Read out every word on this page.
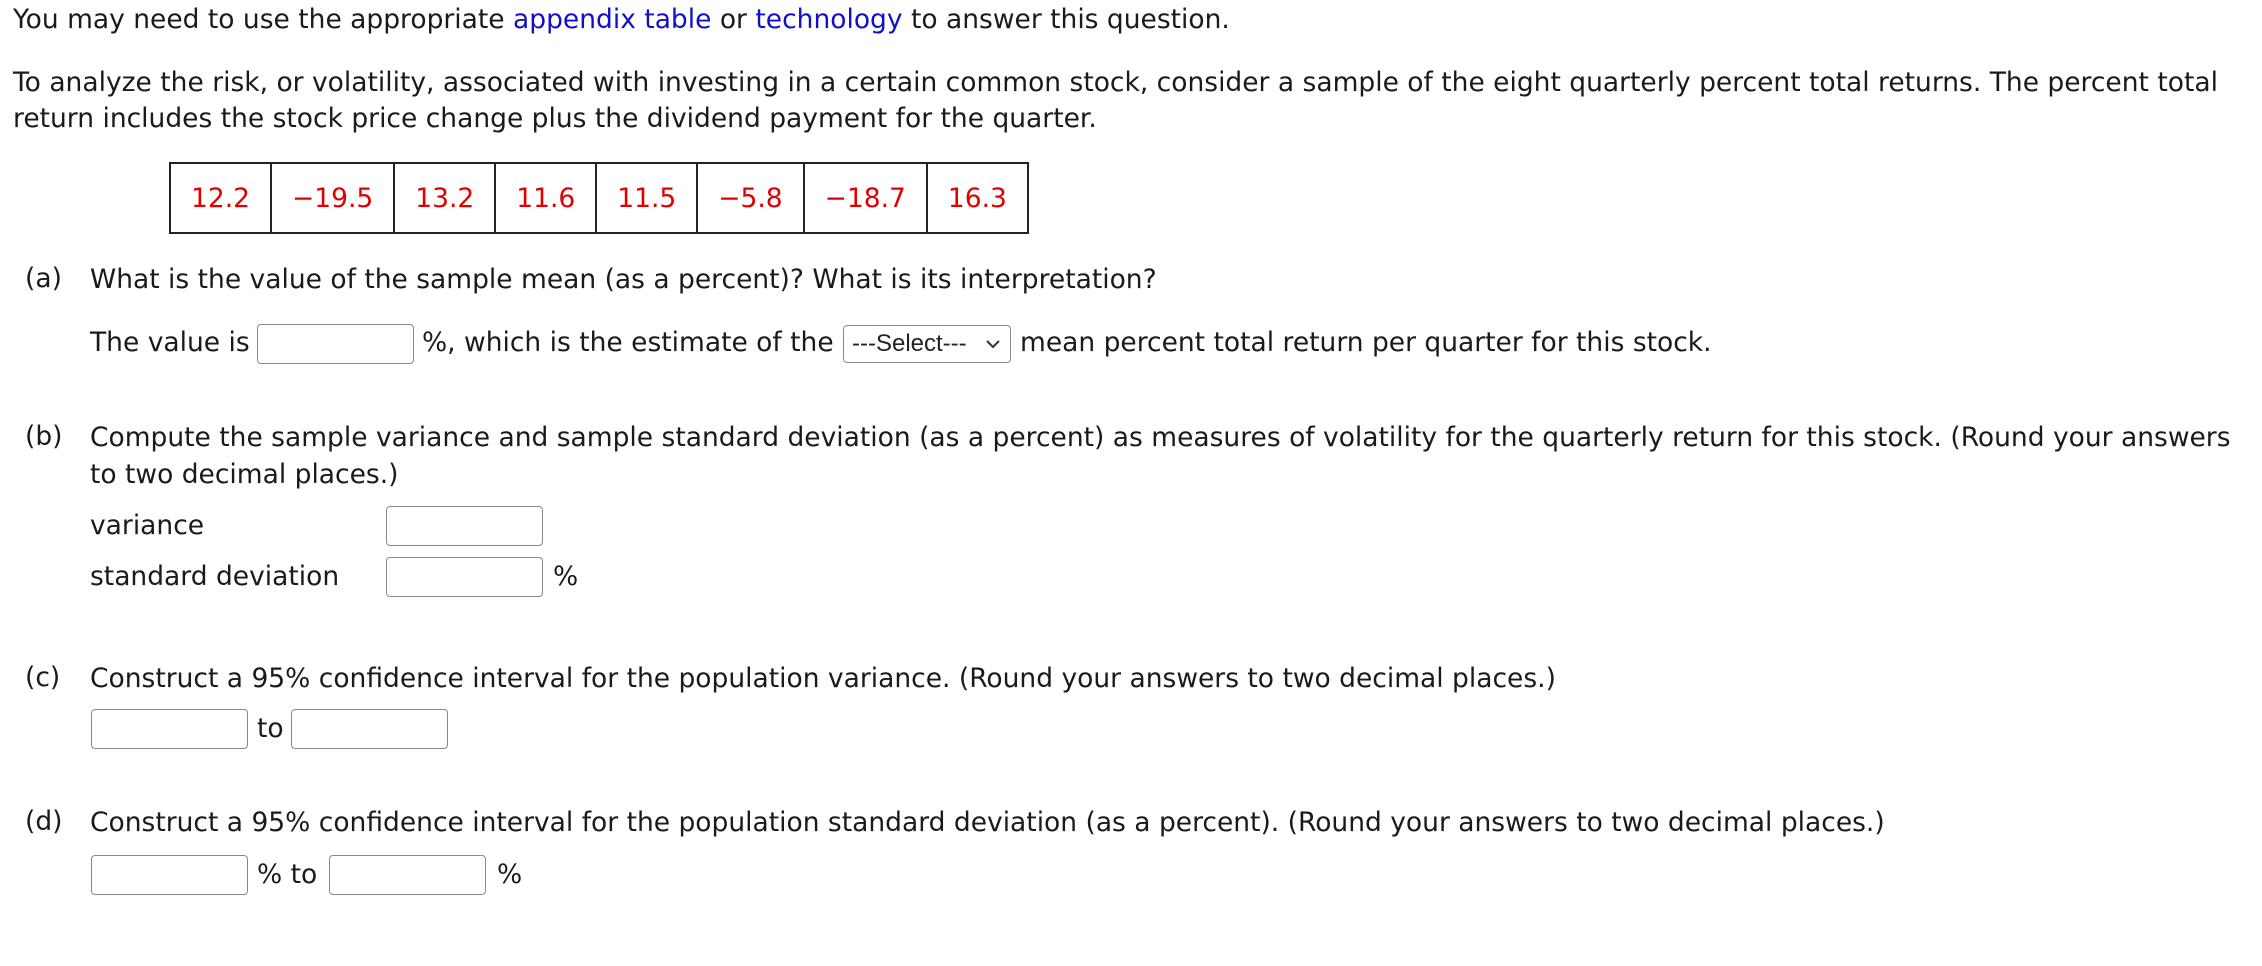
You may need to use the appropriate appendix table or technology to answer this question.
To analyze the risk, or volatility, associated with investing in a certain common stock, consider a sample of the eight quarterly percent total returns. The percent total return includes the stock price change plus the dividend payment for the quarter.
12.2	−19.5	13.2	11.6	11.5	−5.8	−18.7	16.3
(a) What is the value of the sample mean (as a percent)? What is its interpretation?
The value is	%, which is the estimate of the ---Select--- mean percent total return per quarter for this stock.
(b) Compute the sample variance and sample standard deviation (as a percent) as measures of volatility for the quarterly return for this stock. (Round your answers to two decimal places.)
variance
standard deviation	%
(c) Construct a 95% confidence interval for the population variance. (Round your answers to two decimal places.)
to
(d) Construct a 95% confidence interval for the population standard deviation (as a percent). (Round your answers to two decimal places.)
% to	%
